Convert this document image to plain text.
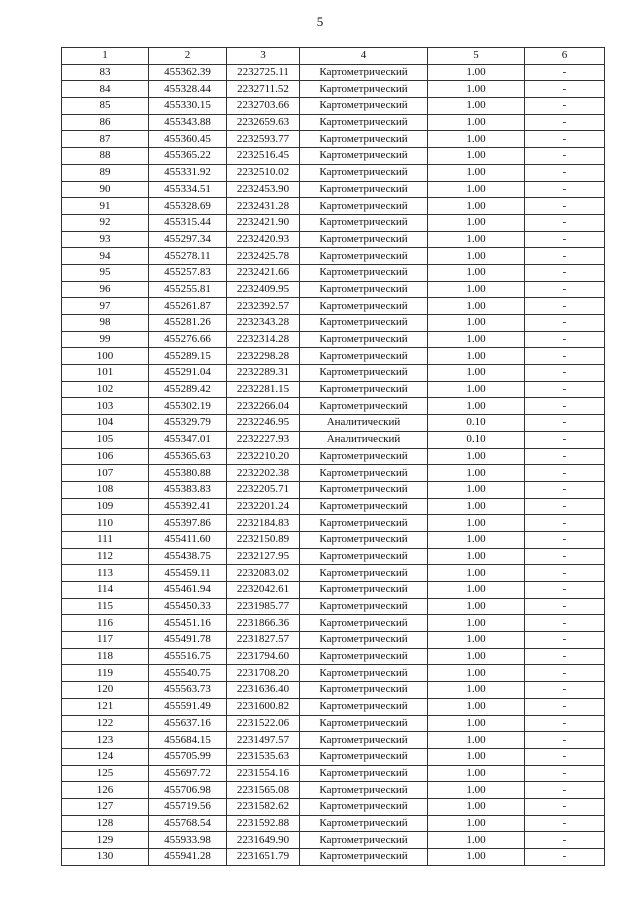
5
1	2	3	4	5	6
83	455362.39	2232725.11	Картометрический	1.00	-
84	455328.44	2232711.52	Картометрический	1.00	-
85	455330.15	2232703.66	Картометрический	1.00	-
86	455343.88	2232659.63	Картометрический	1.00	-
87	455360.45	2232593.77	Картометрический	1.00	-
88	455365.22	2232516.45	Картометрический	1.00	-
89	455331.92	2232510.02	Картометрический	1.00	-
90	455334.51	2232453.90	Картометрический	1.00	-
91	455328.69	2232431.28	Картометрический	1.00	-
92	455315.44	2232421.90	Картометрический	1.00	-
93	455297.34	2232420.93	Картометрический	1.00	-
94	455278.11	2232425.78	Картометрический	1.00	-
95	455257.83	2232421.66	Картометрический	1.00	-
96	455255.81	2232409.95	Картометрический	1.00	-
97	455261.87	2232392.57	Картометрический	1.00	-
98	455281.26	2232343.28	Картометрический	1.00	-
99	455276.66	2232314.28	Картометрический	1.00	-
100	455289.15	2232298.28	Картометрический	1.00	-
101	455291.04	2232289.31	Картометрический	1.00	-
102	455289.42	2232281.15	Картометрический	1.00	-
103	455302.19	2232266.04	Картометрический	1.00	-
104	455329.79	2232246.95	Аналитический	0.10	-
105	455347.01	2232227.93	Аналитический	0.10	-
106	455365.63	2232210.20	Картометрический	1.00	-
107	455380.88	2232202.38	Картометрический	1.00	-
108	455383.83	2232205.71	Картометрический	1.00	-
109	455392.41	2232201.24	Картометрический	1.00	-
110	455397.86	2232184.83	Картометрический	1.00	-
111	455411.60	2232150.89	Картометрический	1.00	-
112	455438.75	2232127.95	Картометрический	1.00	-
113	455459.11	2232083.02	Картометрический	1.00	-
114	455461.94	2232042.61	Картометрический	1.00	-
115	455450.33	2231985.77	Картометрический	1.00	-
116	455451.16	2231866.36	Картометрический	1.00	-
117	455491.78	2231827.57	Картометрический	1.00	-
118	455516.75	2231794.60	Картометрический	1.00	-
119	455540.75	2231708.20	Картометрический	1.00	-
120	455563.73	2231636.40	Картометрический	1.00	-
121	455591.49	2231600.82	Картометрический	1.00	-
122	455637.16	2231522.06	Картометрический	1.00	-
123	455684.15	2231497.57	Картометрический	1.00	-
124	455705.99	2231535.63	Картометрический	1.00	-
125	455697.72	2231554.16	Картометрический	1.00	-
126	455706.98	2231565.08	Картометрический	1.00	-
127	455719.56	2231582.62	Картометрический	1.00	-
128	455768.54	2231592.88	Картометрический	1.00	-
129	455933.98	2231649.90	Картометрический	1.00	-
130	455941.28	2231651.79	Картометрический	1.00	-
